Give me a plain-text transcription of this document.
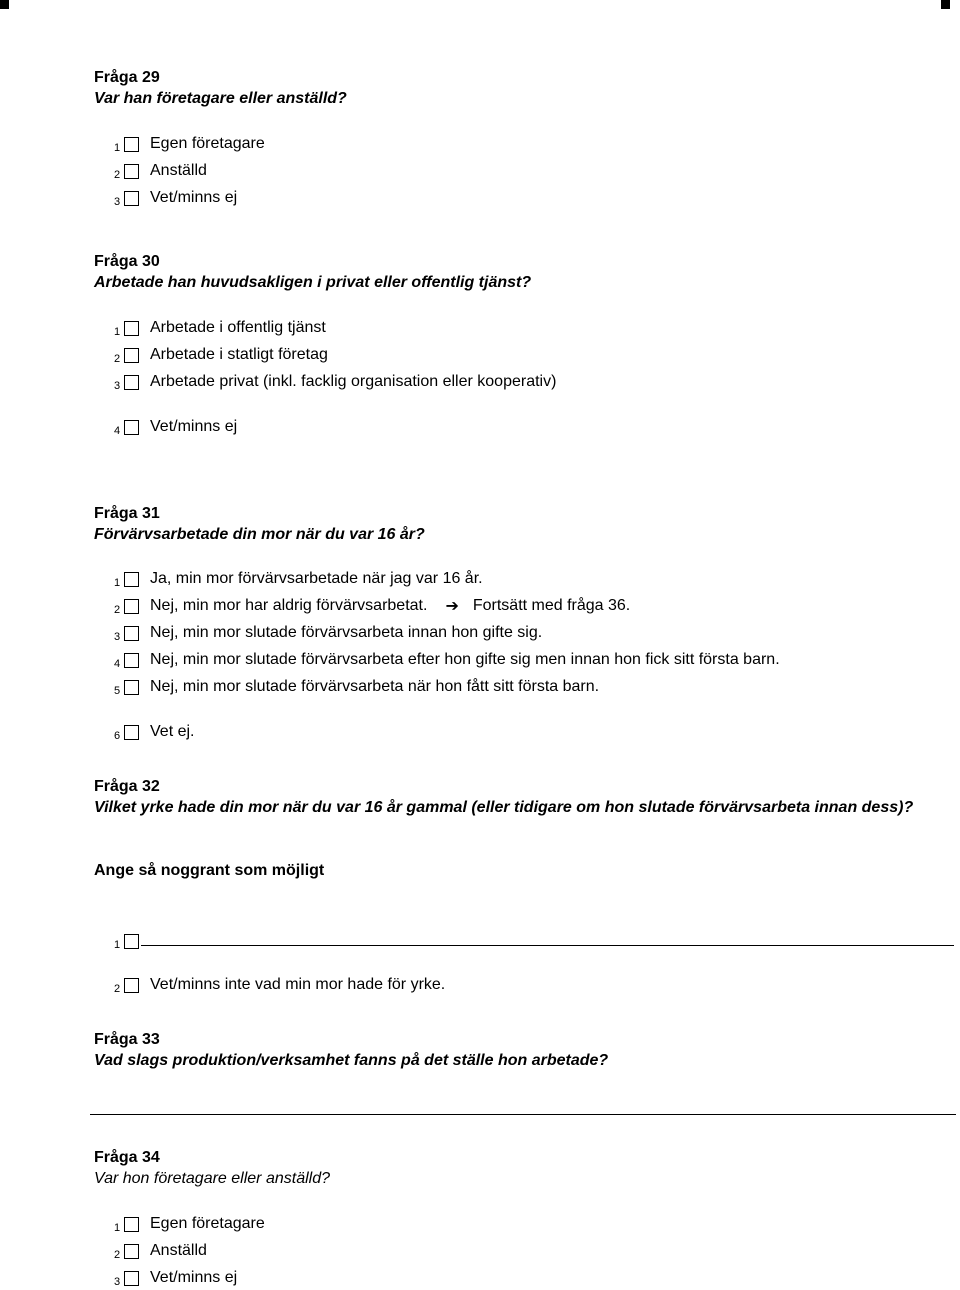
Fråga 29
Var han företagare eller anställd?
1 Egen företagare
2 Anställd
3 Vet/minns ej
Fråga 30
Arbetade han huvudsakligen i privat eller offentlig tjänst?
1 Arbetade i offentlig tjänst
2 Arbetade i statligt företag
3 Arbetade privat (inkl. facklig organisation eller kooperativ)
4 Vet/minns ej
Fråga 31
Förvärvsarbetade din mor när du var 16 år?
1 Ja, min mor förvärvsarbetade när jag var 16 år.
2 Nej, min mor har aldrig förvärvsarbetat. ➔ Fortsätt med fråga 36.
3 Nej, min mor slutade förvärvsarbeta innan hon gifte sig.
4 Nej, min mor slutade förvärvsarbeta efter hon gifte sig men innan hon fick sitt första barn.
5 Nej, min mor slutade förvärvsarbeta när hon fått sitt första barn.
6 Vet ej.
Fråga 32
Vilket yrke hade din mor när du var 16 år gammal (eller tidigare om hon slutade förvärvsarbeta innan dess)?
Ange så noggrant som möjligt
1
2 Vet/minns inte vad min mor hade för yrke.
Fråga 33
Vad slags produktion/verksamhet fanns på det ställe hon arbetade?
Fråga 34
Var hon företagare eller anställd?
1 Egen företagare
2 Anställd
3 Vet/minns ej
